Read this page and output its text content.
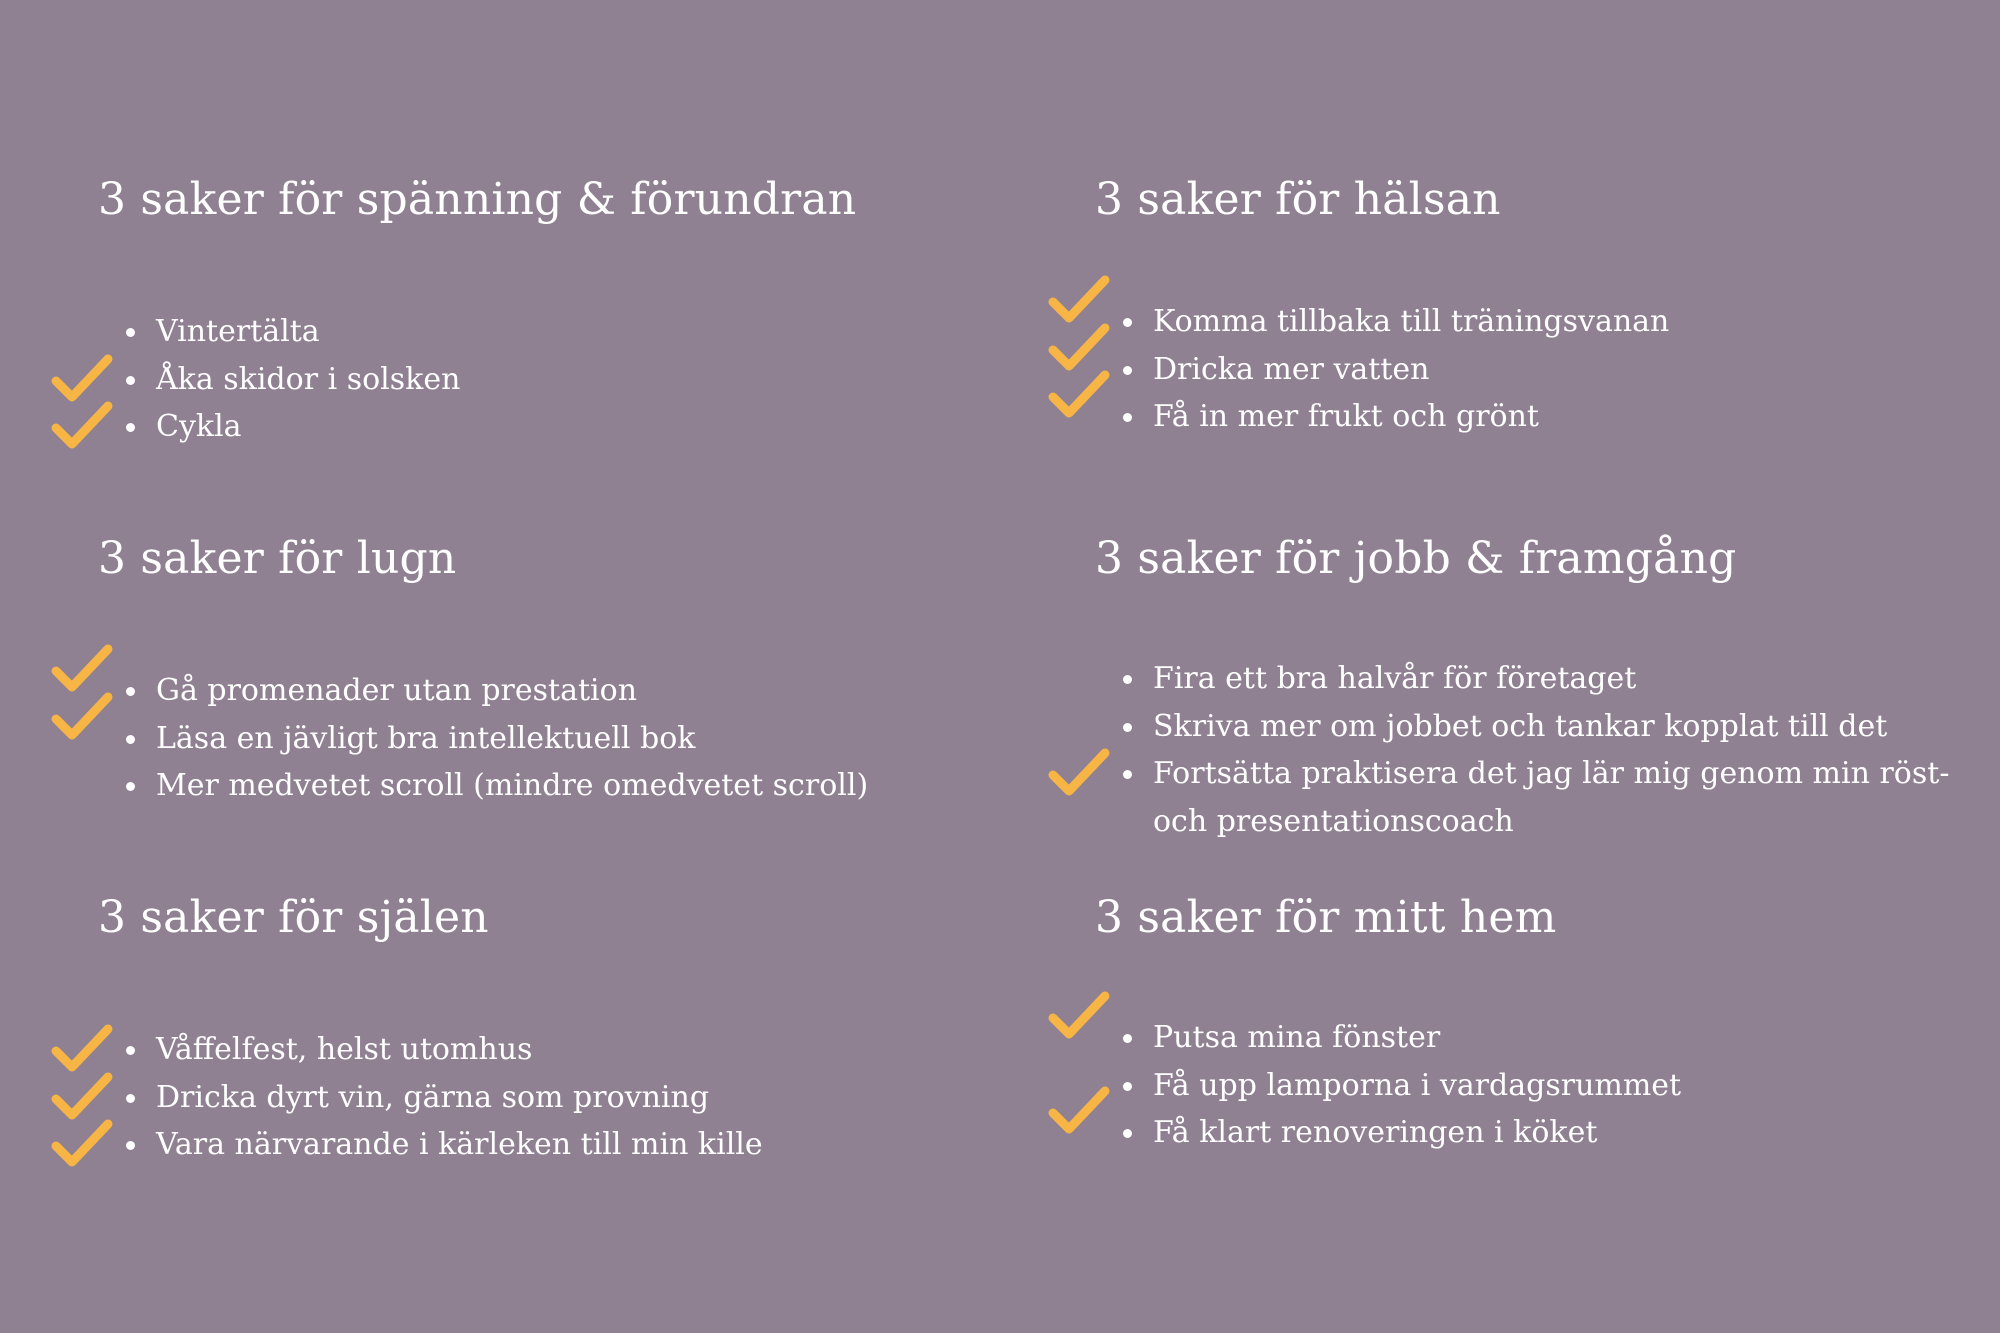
3 saker för spänning & förundran
Vintertälta
Åka skidor i solsken
Cykla
3 saker för hälsan
Komma tillbaka till träningsvanan
Dricka mer vatten
Få in mer frukt och grönt
3 saker för lugn
Gå promenader utan prestation
Läsa en jävligt bra intellektuell bok
Mer medvetet scroll (mindre omedvetet scroll)
3 saker för jobb & framgång
Fira ett bra halvår för företaget
Skriva mer om jobbet och tankar kopplat till det
Fortsätta praktisera det jag lär mig genom min röst- och presentationscoach
3 saker för själen
Våffelfest, helst utomhus
Dricka dyrt vin, gärna som provning
Vara närvarande i kärleken till min kille
3 saker för mitt hem
Putsa mina fönster
Få upp lamporna i vardagsrummet
Få klart renoveringen i köket
